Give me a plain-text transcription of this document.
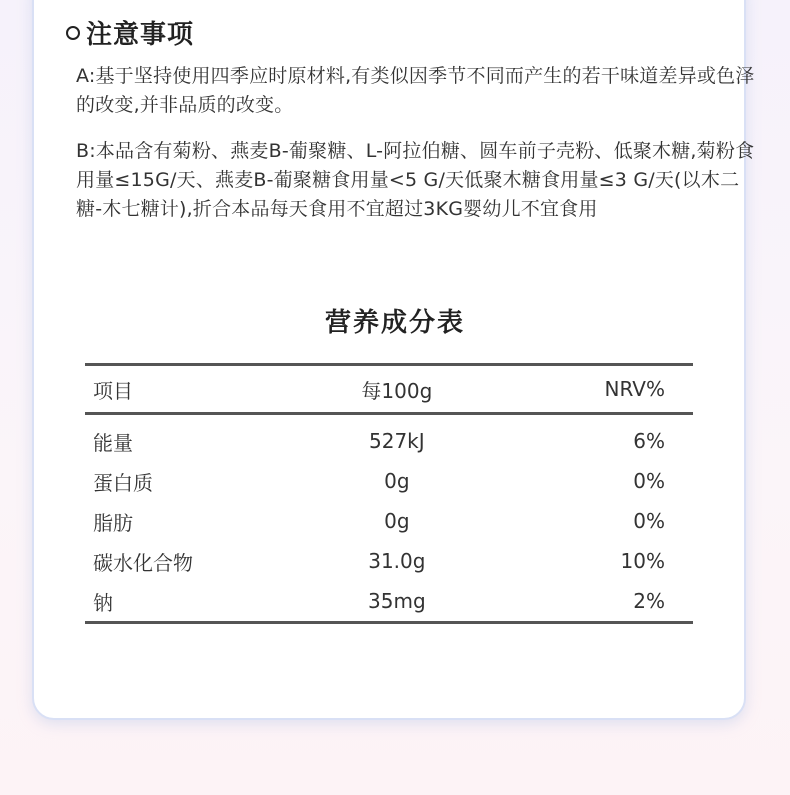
注意事项
A:基于坚持使用四季应时原材料,有类似因季节不同而产生的若干味道差异或色泽的改变,并非品质的改变。
B:本品含有菊粉、燕麦B-葡聚糖、L-阿拉伯糖、圆车前子壳粉、低聚木糖,菊粉食用量≤15G/天、燕麦B-葡聚糖食用量<5 G/天低聚木糖食用量≤3 G/天(以木二糖-木七糖计),折合本品每天食用不宜超过3KG婴幼儿不宜食用
营养成分表
项目	每100g	NRV%
能量	527kJ	6%
蛋白质	0g	0%
脂肪	0g	0%
碳水化合物	31.0g	10%
钠	35mg	2%
